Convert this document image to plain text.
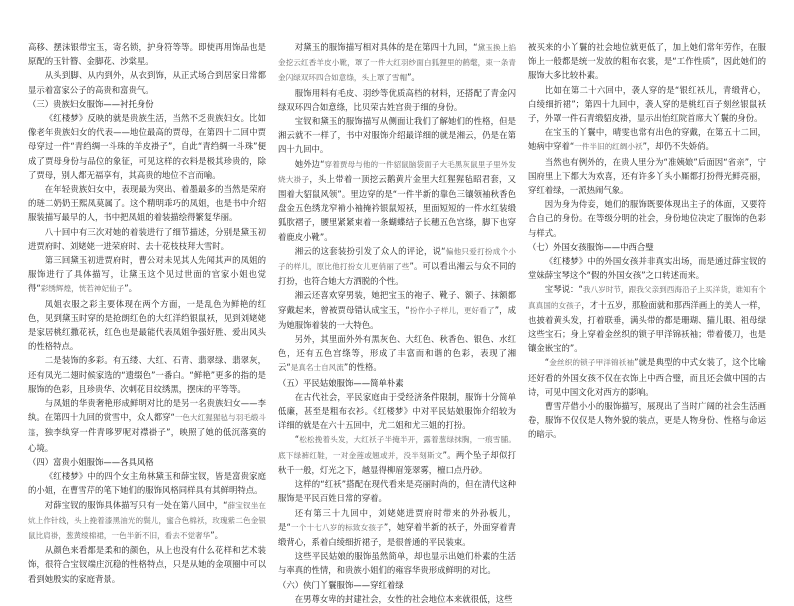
高移、摆沫银带宝玉，寄名锁，护身符等等。即使再用饰品也是原配的玉针簪、金脚花、沙棠星。

从头到脚、从内到外，从衣到饰，从正式场合到居家日常都显示着富家公子的高贵和富贵气。

（三）贵族妇女服饰——衬托身份

《红楼梦》反映的就是贵族生活，当然不乏贵族妇女。比如像老年贵族妇女的代表——地位最高的贾母，在第四十二回中贾母穿过一件“青绉绸一斗珠的羊皮褂子”，自此“青绉绸一斗珠”便成了贾母身份与品位的象征，可见这样的衣料是极其珍贵的，除了贾母，别人都无福享有，其高贵的地位不言而喻。

在年轻贵族妇女中，表现最为突出、着墨最多的当然是荣府的琏二奶奶王熙凤莫属了。这个精明乖巧的凤姐，也是书中介绍服装描写最早的人，书中把凤姐的着装描绘得繁复华丽。

八十回中有三次对她的着装进行了细节描述，分别是黛玉初进贾府时、刘姥姥一进荣府时、去十花枝枝拜大雪时。

第三回黛玉初进贾府时，曹公对未见其人先闻其声的凤姐的服饰进行了具体描写，让黛玉这个见过世面的官家小姐也觉得“彩绣辉煌，恍若神妃仙子”。

凤姐衣服之彩主要体现在两个方面，一是乱色为鲜艳的红色，见到黛玉时穿的是抢朗红色的大红洋绉银鼠袄，见到刘姥姥是家居桃红撒花袄，红色也是最能代表凤姐争强好胜、爱出风头的性格特点。

二是装饰的多彩。有五缕、大红、石青、翡翠绿、翡翠灰，还有凤光二翅时候家选的“遗缀色”一番白。“鲜艳”更多的指的是服饰的色彩，且珍贵华、次刺花目纹绣黑，摆床的平等等。

与凤姐的华贵奢艳形成鲜明对比的是另一名贵族妇女——李纨。在第四十九回的赏雪中，众人都穿“一色大红猩猩毡与羽毛缎斗篷，独李纨穿一件青哆罗呢对襟褂子”，映照了她的低沉落寞的心境。

（四）富贵小姐服饰——各具风格

《红楼梦》中的四个女主角林黛玉和薛宝钗，皆是富贵家庭的小姐，在曹雪芹的笔下她们的服饰风格同样具有其鲜明特点。

对薛宝钗的服饰具体描写只有一处在第八回中，“薛宝钗坐在炕上作针线，头上挽着漆黑油光的鬓儿，蜜合色棉袄，玫瑰紫二色金银鼠比肩褂，葱黄绫棉裙，一色半新不旧，看去不觉奢华”。

从颜色来看都是柔和的颜色，从上也没有什么花样和艺术装饰，很符合宝钗端庄沉稳的性格特点，只是从她的金项圈中可以看到她殷实的家庭背景。

对黛玉的服饰描写相对具体的是在第四十九回，“黛玉换上掐金挖云红香羊皮小靴，罩了一件大红羽纱面白狐狸里的鹤氅，束一条青金闪绿双环四合如意绦，头上罩了雪帽”。

服饰用料有毛皮、羽纱等优质高档的材料，还搭配了青金闪绿双环四合如意绦，比贝荣古姓宫贵于细的身份。

宝钗和黛玉的服饰描写从侧面让我们了解她们的性格，但是湘云就不一样了，书中对服饰介绍最详细的就是湘云，仍是在第四十九回中。

她外边“穿着贾母与他的一件貂鼠脑袋面子大毛黑灰鼠里子里外发烧大褂子，头上带着一顶挖云鹅黄片金里大红猩猩毡昭君套，又围着大貂鼠风领”。里边穿的是“一件半新的靠色三镶领袖秋香色盘金五色绣龙窄褃小袖掩衿银鼠短袄，里面短短的一件水红装缎狐肷褶子，腰里紧紧束着一条蝴蝶结子长穗五色宫绦，脚下也穿着鹿皮小靴”。

湘云的这套装扮引发了众人的评论，说“偏他只爱打扮成个小子的样儿，原比他打扮女儿更俏丽了些”。可以看出湘云与众不同的打扮，也符合她大方洒脱的个性。

湘云还喜欢穿男装，她把宝玉的袍子、靴子、额子、抹额都穿戴起来，曾被贾母错认成宝玉，“扮作小子样儿，更好看了”，成为她服饰着装的一大特色。

另外，其里面外外有黑灰色、大红色、秋香色、银色、水红色，还有五色宫绦等，形成了丰富而和谐的色彩，表现了湘云“是真名士自风流”的性格。

（五）平民姑娘服饰——简单朴素

在古代社会，平民家庭由于受经济条件限制，服饰十分简单低廉，甚至是粗布衣衫。《红楼梦》中对平民姑娘服饰介绍较为详细的就是在六十五回中，尤二姐和尤三姐的打扮。

“松松挽着头发，大红袄子半掩半开，露着葱绿抹胸，一痕雪脯。底下绿裤红鞋，一对金莲或翘或并，没半刻斯文”。两个坠子却似打秋千一般，灯光之下，越显得柳眉笼翠雾，檀口点丹砂。

这样的“红袄”搭配在现代看来是亮丽时尚的，但在清代这种服饰是平民百姓日常的穿着。

还有第三十九回中，刘姥姥进贾府时带来的外孙板儿，是“一个十七八岁的标致女孩子”，她穿着半新的袄子，外面穿着青缎背心，系着白绫细折裙子，是很普通的平民装束。

这些平民姑娘的服饰虽然简单，却也显示出她们朴素的生活与率真的性情，和贵族小姐们的雍容华贵形成鲜明的对比。

（六）侠门丫鬟服饰——穿红着绿

在男尊女卑的封建社会，女性的社会地位本来就很低，这些

被买来的小丫鬟的社会地位就更低了，加上她们常年劳作，在服饰上一般都是统一发放的粗布衣裳，是“工作性质”，因此她们的服饰大多比较朴素。

比如在第二十六回中，袭人穿的是“银红袄儿，青缎背心，白绫细折裙”；第四十九回中，袭人穿的是桃红百子刻丝银鼠袄子，外罩一件石青缎貂皮褂，显示出怡红院首席大丫鬟的身份。

在宝玉的丫鬟中，晴雯也常有出色的穿戴，在第五十二回，她病中穿着“一件半旧的红绸小袄”，却仍不失娇俏。

当然也有例外的，在贵人里分为“准姨娘”后面因“省亲”，宁国府里上下都大为欢喜，还有许多丫头小厮都打扮得光鲜亮丽，穿红着绿，一派热闹气象。

因为身为侍妾，她们的服饰既要体现出主子的体面，又要符合自己的身份。在等级分明的社会，身份地位决定了服饰的色彩与样式。

（七）外国女孩服饰——中西合璧

《红楼梦》中的外国女孩并非真实出场，而是通过薛宝钗的堂妹薛宝琴这个“假的外国女孩”之口转述而来。

宝琴说：“我八岁时节，跟我父亲到西海沿子上买洋货，谁知有个真真国的女孩子，才十五岁，那脸面就和那西洋画上的美人一样，也披着黄头发，打着联垂，满头带的都是珊瑚、猫儿眼、祖母绿这些宝石；身上穿着金丝织的锁子甲洋锦袄袖；带着倭刀，也是镶金嵌宝的”。

“金丝织的锁子甲洋锦袄袖”就是典型的中式女装了，这个比喻还好看的外国女孩不仅在衣饰上中西合璧，而且还会做中国的古诗，可见中国文化对西方的影响。

曹雪芹借小小的服饰描写，展现出了当时广阔的社会生活画卷，服饰不仅仅是人物外貌的装点，更是人物身份、性格与命运的暗示。
